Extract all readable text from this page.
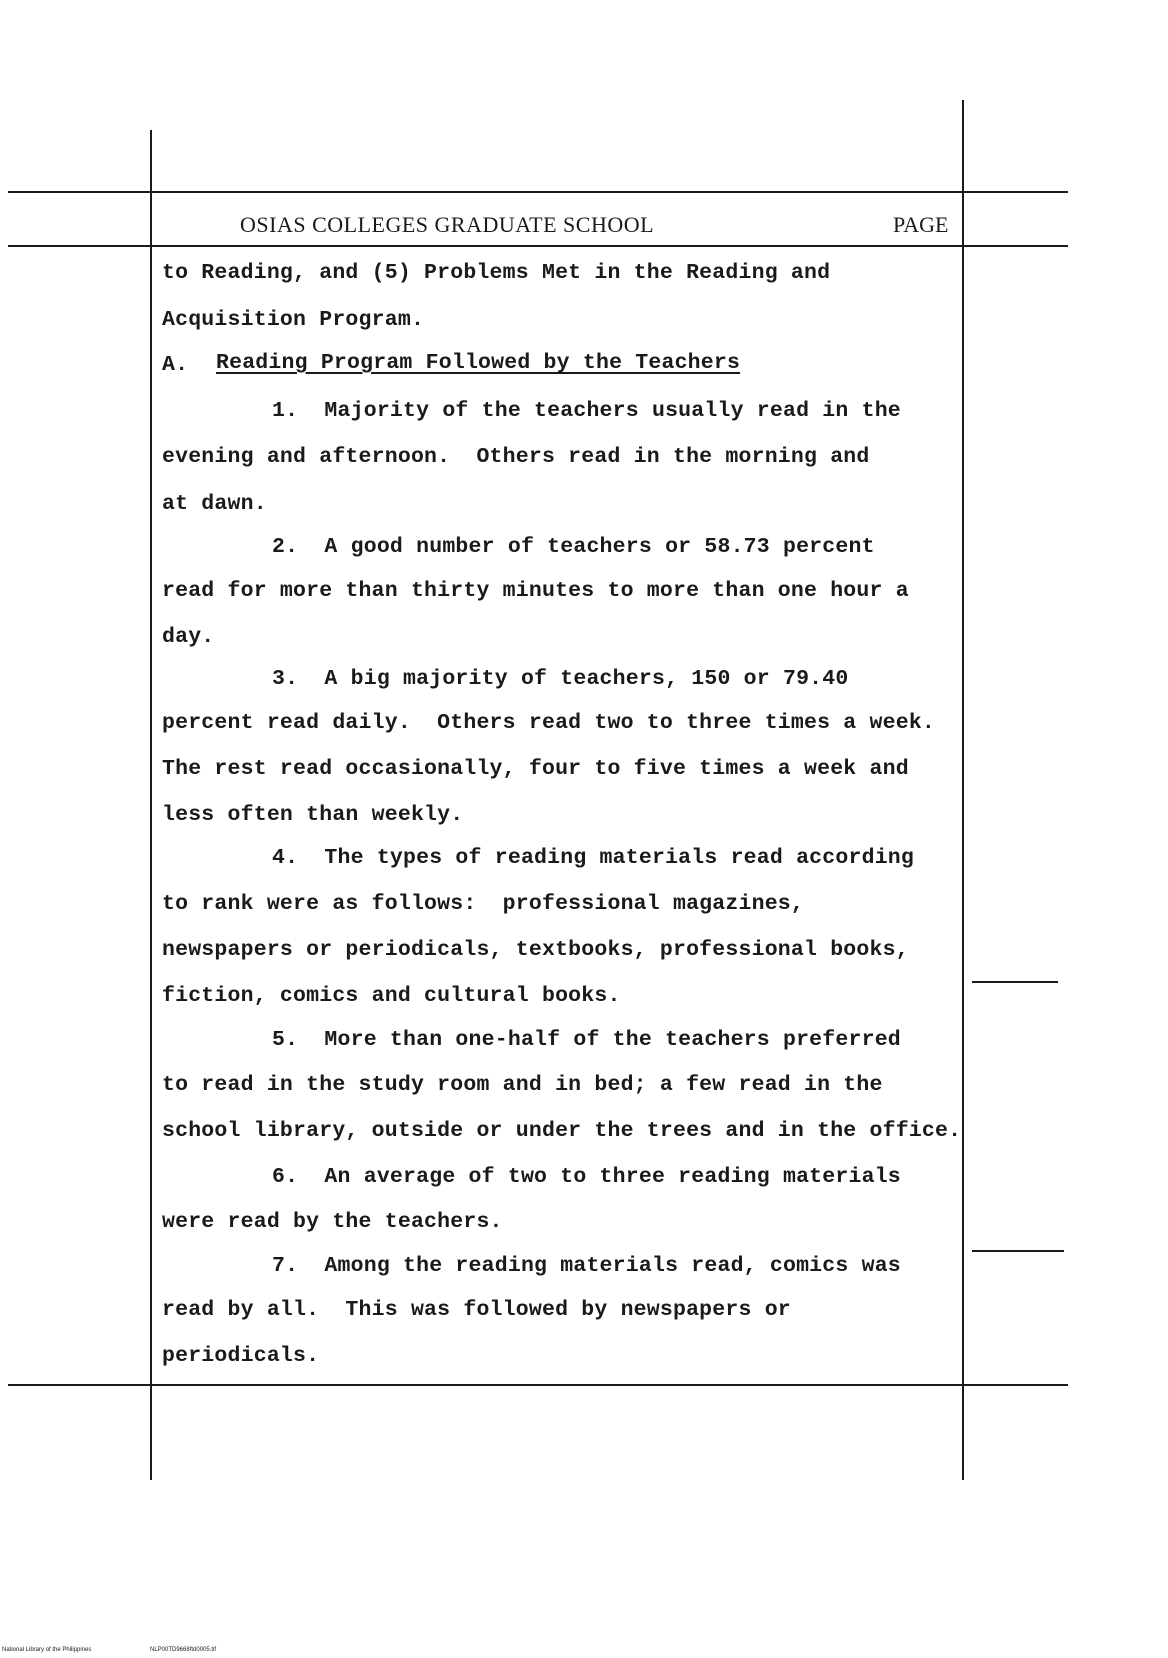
OSIAS COLLEGES GRADUATE SCHOOL	PAGE
to Reading, and (5) Problems Met in the Reading and
Acquisition Program.
A. Reading Program Followed by the Teachers
1.  Majority of the teachers usually read in the
evening and afternoon.  Others read in the morning and
at dawn.
2.  A good number of teachers or 58.73 percent
read for more than thirty minutes to more than one hour a
day.
3.  A big majority of teachers, 150 or 79.40
percent read daily.  Others read two to three times a week.
The rest read occasionally, four to five times a week and
less often than weekly.
4.  The types of reading materials read according
to rank were as follows:  professional magazines,
newspapers or periodicals, textbooks, professional books,
fiction, comics and cultural books.
5.  More than one-half of the teachers preferred
to read in the study room and in bed; a few read in the
school library, outside or under the trees and in the office.
6.  An average of two to three reading materials
were read by the teachers.
7.  Among the reading materials read, comics was
read by all.  This was followed by newspapers or
periodicals.
National Library of the Philippines	NLP00TD9668ftd0005.tif
